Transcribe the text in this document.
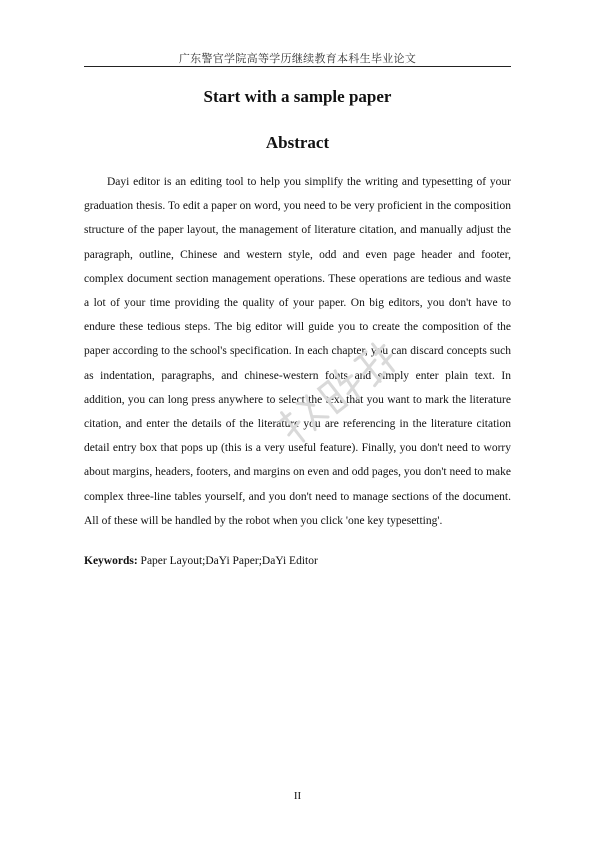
广东警官学院高等学历继续教育本科生毕业论文
Start with a sample paper
Abstract

Dayi editor is an editing tool to help you simplify the writing and typesetting of your graduation thesis. To edit a paper on word, you need to be very proficient in the composition structure of the paper layout, the management of literature citation, and manually adjust the paragraph, outline, Chinese and western style, odd and even page header and footer, complex document section management operations. These operations are tedious and waste a lot of your time providing the quality of your paper. On big editors, you don't have to endure these tedious steps. The big editor will guide you to create the composition of the paper according to the school's specification. In each chapter, you can discard concepts such as indentation, paragraphs, and chinese-western fonts and simply enter plain text. In addition, you can long press anywhere to select the text that you want to mark the literature citation, and enter the details of the literature you are referencing in the literature citation detail entry box that pops up (this is a very useful feature). Finally, you don't need to worry about margins, headers, footers, and margins on even and odd pages, you don't need to make complex three-line tables yourself, and you don't need to manage sections of the document. All of these will be handled by the robot when you click 'one key typesetting'.

Keywords: Paper Layout;DaYi Paper;DaYi Editor
II
